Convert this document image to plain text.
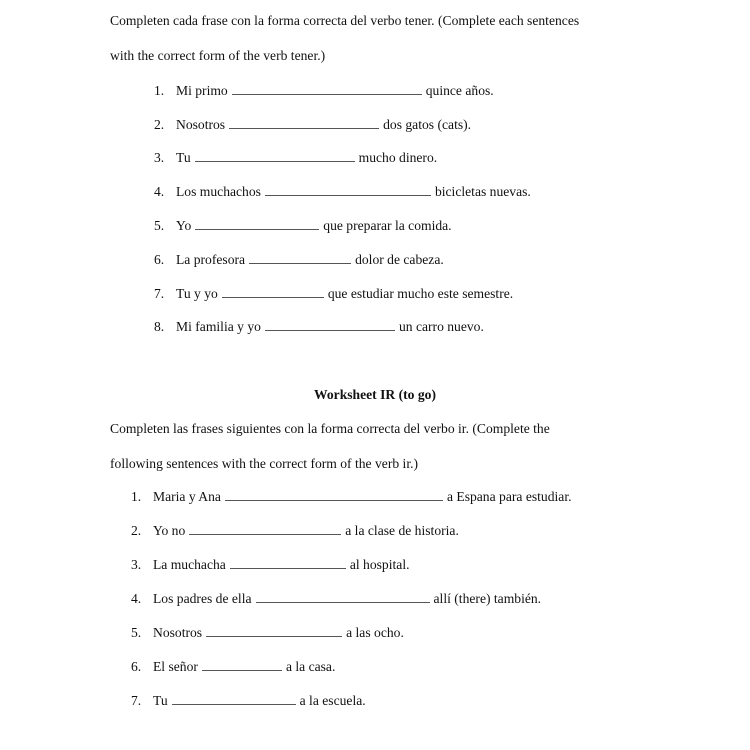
Completen cada frase con la forma correcta del verbo tener. (Complete each sentences
with the correct form of the verb tener.)
1. Mi primo	quince años.
2. Nosotros	dos gatos (cats).
3. Tu	mucho dinero.
4. Los muchachos	bicicletas nuevas.
5. Yo	que preparar la comida.
6. La profesora	dolor de cabeza.
7. Tu y yo	que estudiar mucho este semestre.
8. Mi familia y yo	un carro nuevo.
Worksheet IR (to go)
Completen las frases siguientes con la forma correcta del verbo ir. (Complete the
following sentences with the correct form of the verb ir.)
1. Maria y Ana	a Espana para estudiar.
2. Yo no	a la clase de historia.
3. La muchacha	al hospital.
4. Los padres de ella	allí (there) también.
5. Nosotros	a las ocho.
6. El señor	a la casa.
7. Tu	a la escuela.
